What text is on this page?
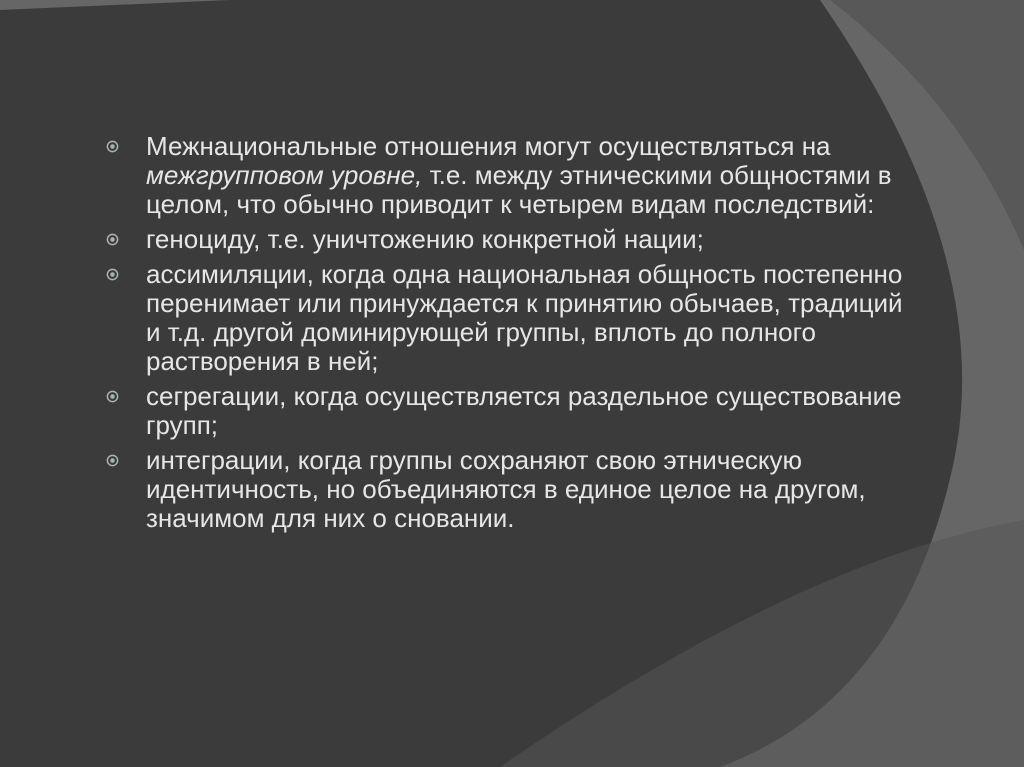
Межнациональные отношения могут осуществляться на межгрупповом уровне, т.е. между этническими общностями в целом, что обычно приводит к четырем видам последствий:
геноциду, т.е. уничтожению конкретной нации;
ассимиляции, когда одна национальная общность постепенно перенимает или принуждается к принятию обычаев, традиций и т.д. другой доминирующей группы, вплоть до полного растворения в ней;
сегрегации, когда осуществляется раздельное существование групп;
интеграции, когда группы сохраняют свою этническую идентичность, но объединяются в единое целое на другом, значимом для них о сновании.
